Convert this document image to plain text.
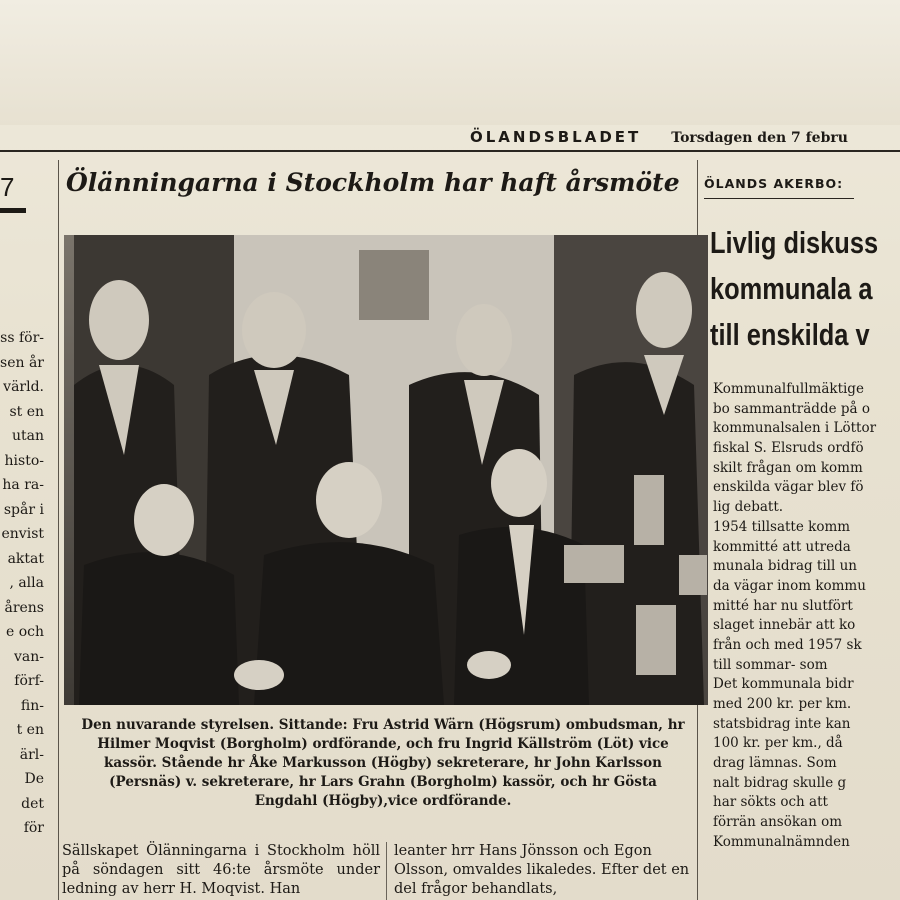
ÖLANDSBLADET Torsdagen den 7 febru
7
ss för-
sen år
värld.
st en
utan
histo-
ha ra-
spår i
envist
aktat
, alla
årens
e och
van-
förf-
fin-
t en
ärl-
De
det
för
Ölänningarna i Stockholm har haft årsmöte
Den nuvarande styrelsen. Sittande: Fru Astrid Wärn (Högsrum) ombudsman, hr Hilmer Moqvist (Borgholm) ordförande, och fru Ingrid Källström (Löt) vice kassör. Stående hr Åke Markusson (Högby) sekreterare, hr John Karlsson (Persnäs) v. sekreterare, hr Lars Grahn (Borgholm) kassör, och hr Gösta Engdahl (Högby),vice ordförande.
Sällskapet Ölänningarna i Stockholm höll på söndagen sitt 46:te årsmöte under ledning av herr H. Moqvist. Han
leanter hrr Hans Jönsson och Egon Olsson, omvaldes likaledes. Efter det en del frågor behandlats,
ÖLANDS AKERBO:
Livlig diskuss
kommunala a
till enskilda v
Kommunalfullmäktige
bo sammanträdde på o
kommunalsalen i Löttor
fiskal S. Elsruds ordfö
skilt frågan om komm
enskilda vägar blev fö
lig debatt.
1954 tillsatte komm
kommitté att utreda
munala bidrag till un
da vägar inom kommu
mitté har nu slutfört
slaget innebär att ko
från och med 1957 sk
till sommar- som
Det kommunala bidr
med 200 kr. per km.
statsbidrag inte kan
100 kr. per km., då
drag lämnas. Som
nalt bidrag skulle g
har sökts och att
förrän ansökan om
Kommunalnämnden
